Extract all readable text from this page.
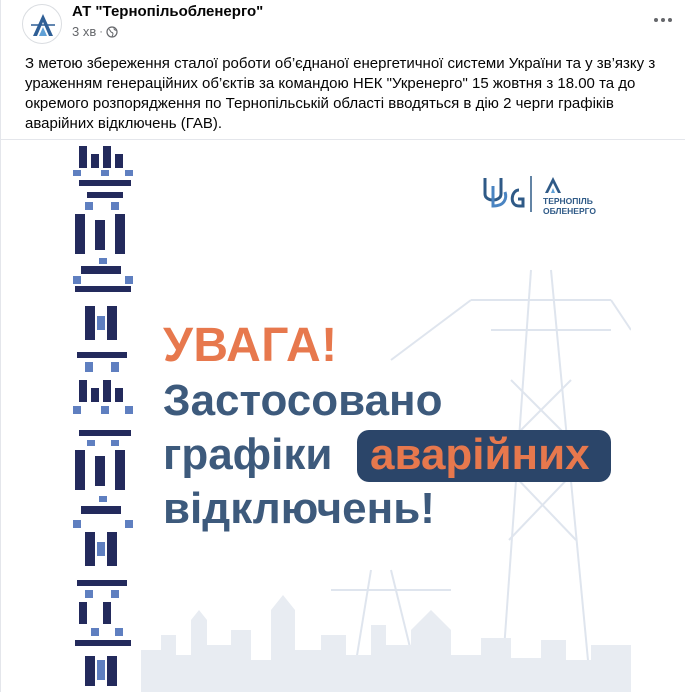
АТ "Тернопільобленерго"
3 хв ·
З метою збереження сталої роботи об’єднаної енергетичної системи України та у зв’язку з ураженням генераційних об’єктів за командою НЕК "Укренерго" 15 жовтня з 18.00 та до окремого розпорядження по Тернопільській області вводяться в дію 2 черги графіків аварійних відключень (ГАВ).
ТЕРНОПІЛЬ
ОБЛЕНЕРГО
УВАГА!
Застосовано
графіки аварійних
відключень!
